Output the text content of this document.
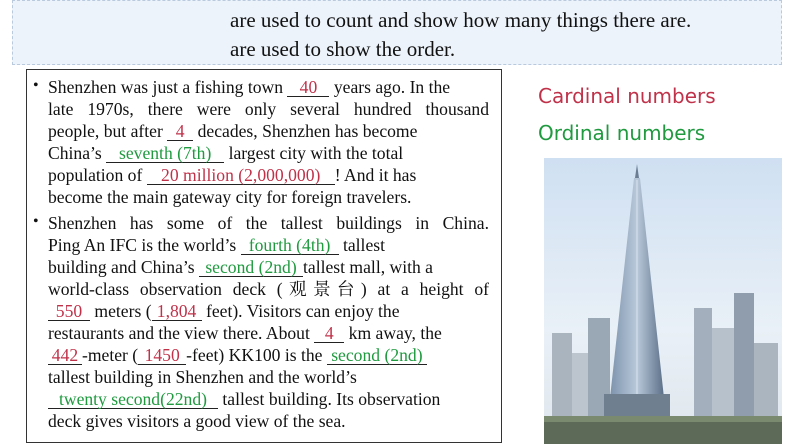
are used to count and show how many things there are.
are used to show the order.
• Shenzhen was just a fishing town 40 years ago. In the
late 1970s, there were only several hundred thousand
people, but after 4 decades, Shenzhen has become
China’s seventh (7th) largest city with the total
population of 20 million (2,000,000) ! And it has
become the main gateway city for foreign travelers.
• Shenzhen has some of the tallest buildings in China.
Ping An IFC is the world’s fourth (4th) tallest
building and China’s second (2nd) tallest mall, with a
world-class observation deck (观景台) at a height of
550 meters ( 1,804 feet). Visitors can enjoy the
restaurants and the view there. About 4 km away, the
442 -meter ( 1450 -feet) KK100 is the second (2nd)
tallest building in Shenzhen and the world’s
twenty second(22nd) tallest building. Its observation
deck gives visitors a good view of the sea.
Cardinal numbers
Ordinal numbers
